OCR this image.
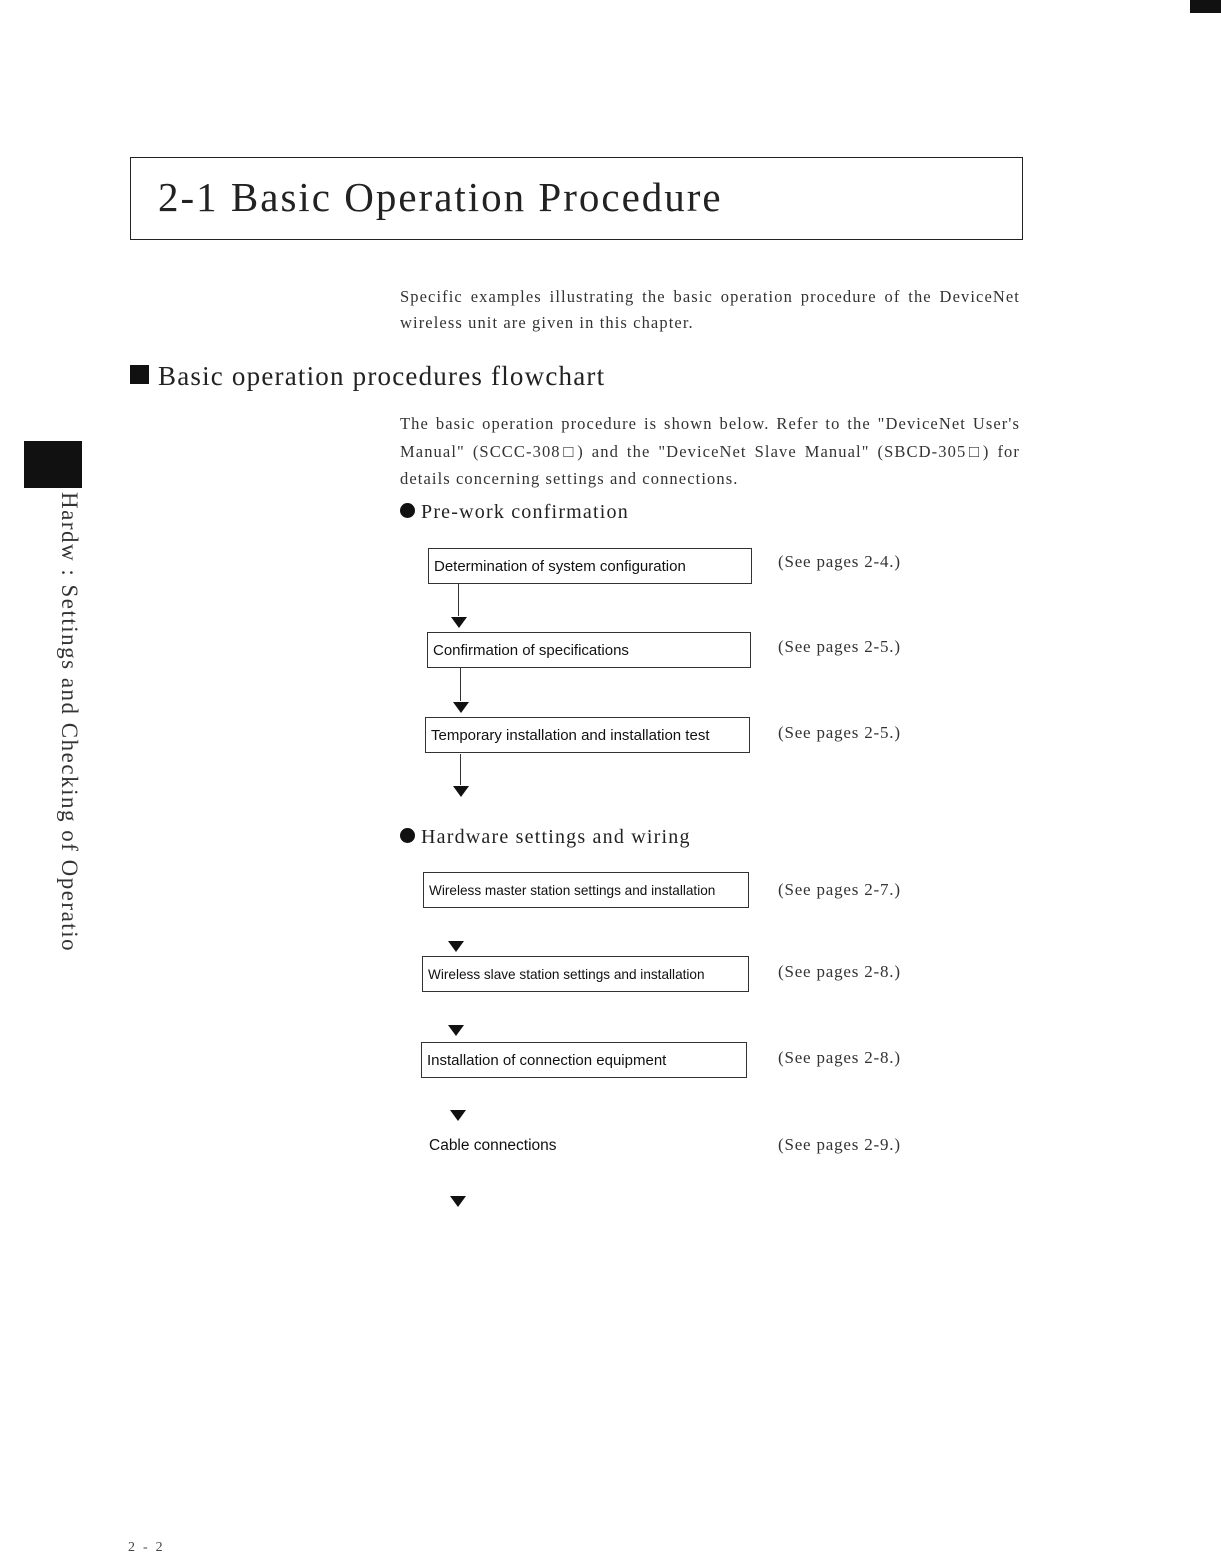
2-1 Basic Operation Procedure
Specific examples illustrating the basic operation procedure of the DeviceNet wireless unit are given in this chapter.
Basic operation procedures flowchart
The basic operation procedure is shown below. Refer to the "DeviceNet User's Manual" (SCCC-308□) and the "DeviceNet Slave Manual" (SBCD-305□) for details concerning settings and connections.
Hardw : Settings and Checking of Operatio	Pre-work confirmation
Determination of system configuration	(See pages 2-4.)
Confirmation of specifications	(See pages 2-5.)
Temporary installation and installation test	(See pages 2-5.)
Hardware settings and wiring
Wireless master station settings and installation	(See pages 2-7.)
Wireless slave station settings and installation	(See pages 2-8.)
Installation of connection equipment	(See pages 2-8.)
Cable connections	(See pages 2-9.)
2-2
